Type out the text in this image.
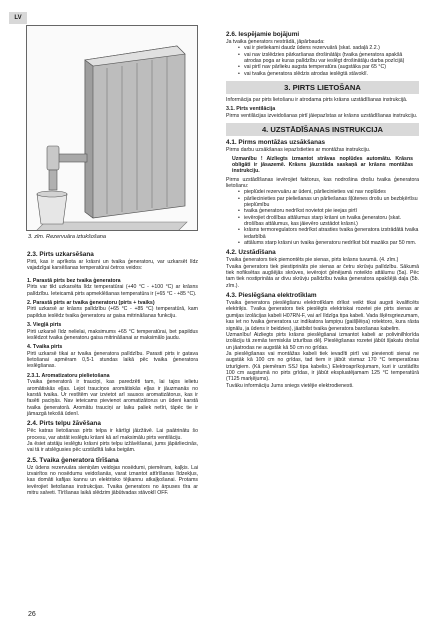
LV
3. zīm. Rezervuāra iztukšošana
2.3. Pirts uzkarsēšana

Pirti, kas ir aprīkota ar krāsni un tvaika ģeneratoru, var uzkarsēt līdz vajadzīgai karsēšanas temperatūrai četros veidos:

1. Parastā pirts bez tvaika ģeneratora

Pirts var tikt uzkarsēta līdz temperatūrai (+40 °C - +100 °C) ar krāsns palīdzību. Ieteicamā pirts apmeklēšanas temperatūra ir (+65 °C - +85 °C).

2. Parastā pirts ar tvaika ģeneratoru (pirts + tvaiks)

Pirti uzkarsē ar krāsns palīdzību (+65 °C - +85 °C) temperatūrā, kam papildus ieslēdz tvaika ģeneratoru ar gaisa mitrināšanas funkciju.

3. Viegļā pirts

Pirti uzkarsē līdz nelielai, maksimums +65 °C temperatūrai, bet papildus ieslēdzot tvaika ģeneratoru gaisa mitrināšanai ar maksimālo jaudu.

4. Tvaika pirts

Pirti uzkarsē tikai ar tvaika ģeneratora palīdzību. Parasti pirts ir gatava lietošanai apmēram 0,5-1 stundas laikā pēc tvaika ģeneratora ieslēgšanas.

2.3.1. Aromatizatoru pielietošana

Tvaika ģeneratorā ir trauciņi, kas paredzēti tam, lai tajos ielietu aromātiskās eļļas. Lejot trauciņos aromātiskās eļļas ir jāuzmanās no karstā tvaika. Ur restītēm var izvietot arī sausos aromatizātorus, kas ir fasēti paciņās. Nav ieteicams pievienot aromatizātorus un ūdeni karstā tvaika ģeneratorā. Aromātu trauciņi ar laiku paliek netīri, tāpēc tie ir jāmazgā tekošā ūdenī.

2.4. Pirts telpu žāvēšana

Pēc katras lietošanas pirts telpa ir kārtīgi jāizžāvē. Lai paātrinātu šo procesu, var atstāt ieslēgtu krāsni kā arī maksimālu pirts ventilāciju.

Ja ēsiet atstāju ieslēgtu krāsni pirts telpu izžāvēšanai, jums jāpārliecinās, vai tā ir atslēgusies pēc uzstādītā laika beigām.

2.5. Tvaika ģeneratora tīrīšana

Uz ūdens rezervuāra sieniņām veidojas nosēdumi, piemēram, kaļķis. Lai izvairītos no nosēdumu veidošanās, varat iznantot attīrīšanas līdzekļus, kas domāti kafijas kannu un elektrisko tējkannu atkaļķošanai. Protams ievērojiet lietošanas instrukcijas. Tvaika ģenerators no ārpuses tīra ar mitru salveti. Tīrīšanas laikā slēdzim jābūtvadas stāvoklī OFF.

2.6. Iespējamie bojājumi

Ja tvaika ģenerators nestrādā, jāpārbauda:

• vai ir pietiekami daudz ūdens rezervuārā (skat. sadaļā 2.2.)
• vai nav izslēdzies pārkaršanas drošinātājs (tvaika ģeneratora apakšā atrodas poga ar kuras palīdzību var ieslēgt drošinātāju darba pozīcijā)
• vai pirtī nav pārlieku augsta temperatūra (augstāka par 65 °C)
• vai tvaika ģeneratora slēdzis atrodas ieslēgtā stāvoklī.
3. PIRTS LIETOŠANA

Informācija par pirts lietošanu ir atrodama pirts krāsns uzstādīšanas instrukcijā.

3.1. Pirts ventilācija

Pirms ventilācijas izveidošanas pirtī jāiepazīstas ar krāsns uzstādīšanas instrukciju.

4. UZSTĀDĪŠANAS INSTRUKCIJA
4.1. Pirms montāžas uzsākšanas

Pirms darbu uzsākšanas iepazīstieties ar montāžas instrukciju.

Uzmanību ! Aizliegts izmantot strāvas noplūdes automātu. Krāsns obligāti ir jāsazemē. Krāsns jāuzstāda saskaņā ar krāsns montāžas instrukciju.

Pirms uzstādīšanas ievērojiet faktorus, kas nodrošina drošu tvaika ģeneratora lietošanu:

• pieplūdei rezervuāru ar ūdeni, pārliecinieties vai nav noplūdes
• pārliecinieties par pieliešanas un pārliešanas šļūtenes drošu un bezbķērtīsu pieplūmību
• tvaika ģeneratoru nedrīkst novietot pie ieejas pirtī
• ievērojiet drošības attālumus starp krāsni un tvaika ģeneratoru (skat. drošības attālumus, kas jāievēro uzstādot krāsni.)
• krāsns termoregulators nedrīkst atrasties tvaika ģeneratora izstrādātā tvaika iedarbībā
• attālums starp krāsni un tvaika ģeneratoru nedrīkst būt mazāks par 50 mm.
4.2. Uzstādīšana

Tvaika ģenerators tiek piemontēts pie sienas, pirts krāsns tuvumā. (4. zīm.)

Tvaika ģenerators tiek piestiprināts pie sienas ar četru skrūvju palīdzību. Sākumā tiek nofiksētas augšējās skrūves, ievērojot ģēnējamā noteikto attālumu (5a). Pēc tam tiek nostiprināta ar divu skrūvju palīdzību tvaika ģeneratora apakšējā daļa (5b. zīm.).

4.3. Pieslēgšana elektrotīklam

Tvaika ģeneratora pieslēgšanu elektrotīklam drīkst veikt tikai augsti kvalificēts elektriķis. Tvaika ģenerators tiek pieslēgts elektriskai rozetei pie pirts sienas ar gumijas izolācijas kabeli H07RN-F, vai arī līdzīga tipa kabeli. Vada šķērsgriezumam, kas iet no tvaika ģeneratora uz indikatora lampiņu (gaišļlēiņa) rotektoro, kura rāsta signālu, ja ūdens ir beidzies), jāatbilst tvaika ģeneratora barošanas kabelim.

Uzmanību! Aizliegts pirts krāsns pieslēgšanai izmantot kabeli ar polivinilhlorīda izolāciju tā zemās termiskās izturības dēļ. Pieslēgšanas rozetei jābūt šļakatu drošai un jāatrodas ne augstāk kā 50 cm no grīdas.

Ja pieslēgšanas vai montāžas kabeli tiek ievadīti pirtī vai pievienoti sienai ne augstāk kā 100 cm no grīdas, tad tiem ir jābūt vismaz 170 °C temperatūras izturīgiem. (Kā piemēram SSJ tipa kabelis.) Elektroaprīkojumam, kuri ir uzstādīts 100 cm augstumā no pirts grīdas, ir jābūt ekspluatējamam 125 °C temperatūrā (T125 marķējums).

Tuvāku informāciju Jums sniegs vietējie elektrodienesti.

26
